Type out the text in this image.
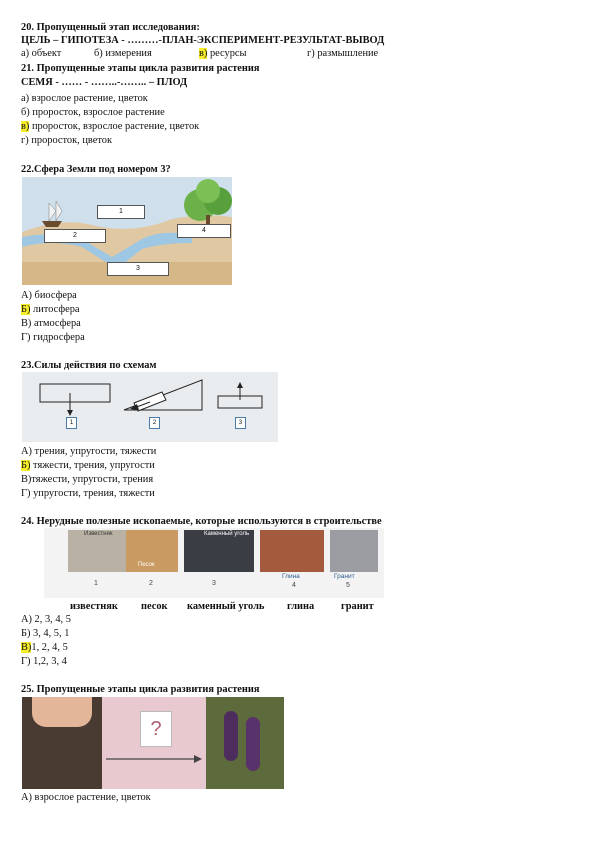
20. Пропущенный этап исследования:
ЦЕЛЬ – ГИПОТЕЗА - ………-ПЛАН-ЭКСПЕРИМЕНТ-РЕЗУЛЬТАТ-ВЫВОД
а) объект	б) измерения	в) ресурсы	г) размышление
21. Пропущенные этапы цикла развития растения
СЕМЯ - …… - ……..-…….. – ПЛОД
а) взрослое растение, цветок
б) проросток, взрослое растение
в) проросток, взрослое растение, цветок
г) проросток, цветок
22.Сфера Земли под номером 3?
1
2
3
4
А) биосфера
Б) литосфера
В) атмосфера
Г) гидросфера
23.Силы действия по схемам
1	2	3
А) трения, упругости, тяжести
Б) тяжести, трения, упругости
В)тяжести, упругости, трения
Г) упругости, трения, тяжести
24. Нерудные полезные ископаемые, которые используются в строительстве
Известняк
Песок
Каменный уголь
Глина	Гранит
1	2	3	4	5
известняк песок каменный уголь глина	гранит
А) 2, 3, 4, 5
Б) 3, 4, 5, 1
В)1, 2, 4, 5
Г) 1,2, 3, 4
25. Пропущенные этапы цикла развития растения
?
А) взрослое растение, цветок
